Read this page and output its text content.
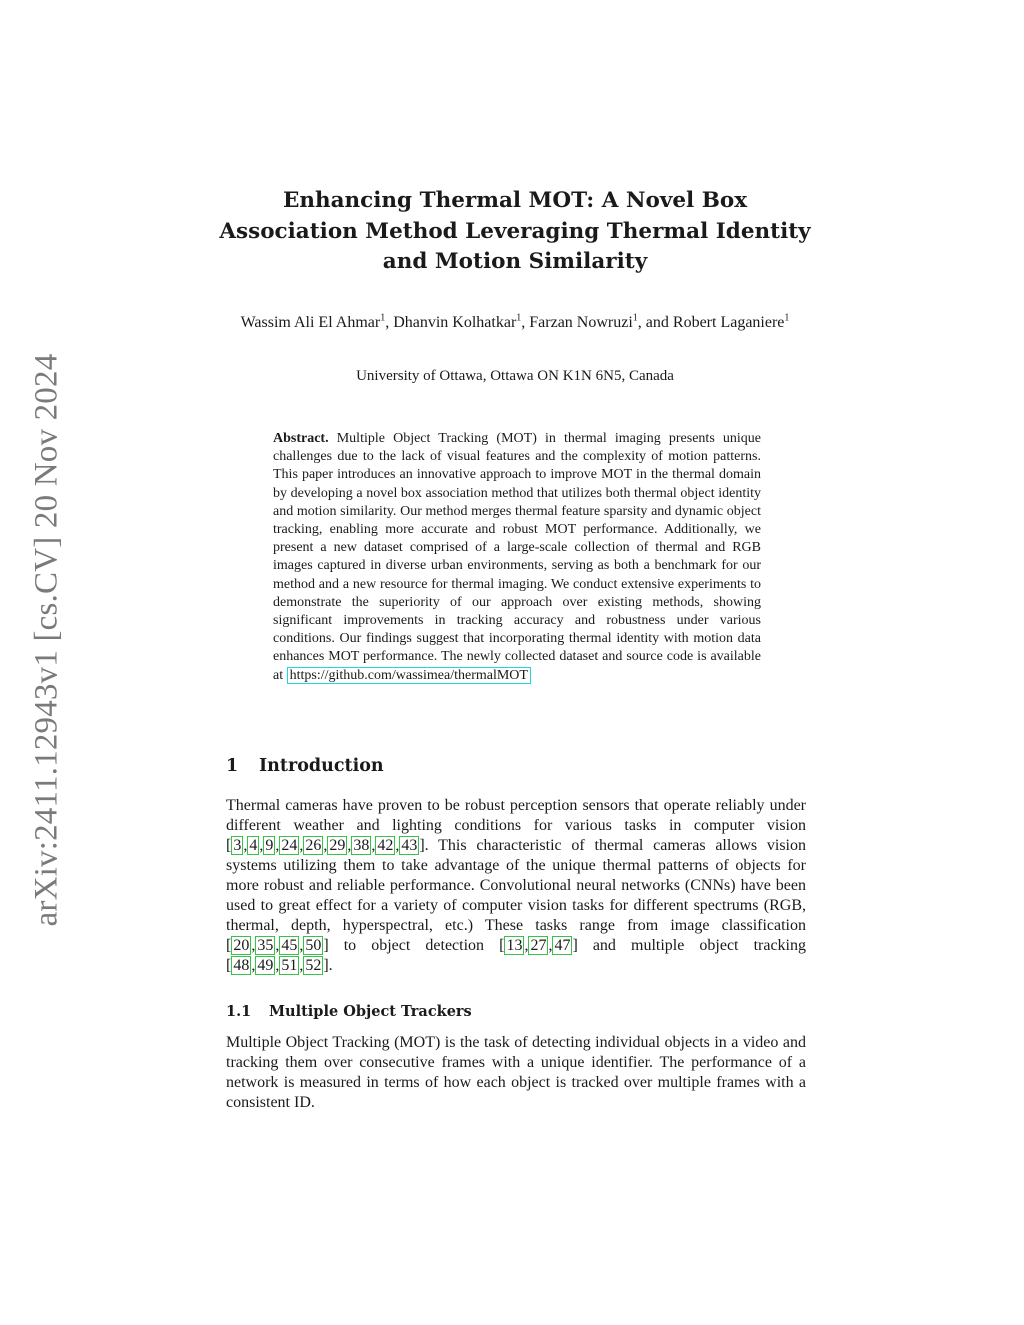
arXiv:2411.12943v1 [cs.CV] 20 Nov 2024
Enhancing Thermal MOT: A Novel Box
Association Method Leveraging Thermal Identity
and Motion Similarity
Wassim Ali El Ahmar$^1$, Dhanvin Kolhatkar$^1$, Farzan Nowruzi$^1$, and Robert Laganiere$^1$
University of Ottawa, Ottawa ON K1N 6N5, Canada
Abstract. Multiple Object Tracking (MOT) in thermal imaging presents unique challenges due to the lack of visual features and the complexity of motion patterns. This paper introduces an innovative approach to improve MOT in the thermal domain by developing a novel box association method that utilizes both thermal object identity and motion similarity. Our method merges thermal feature sparsity and dynamic object tracking, enabling more accurate and robust MOT performance. Additionally, we present a new dataset comprised of a large-scale collection of thermal and RGB images captured in diverse urban environments, serving as both a benchmark for our method and a new resource for thermal imaging. We conduct extensive experiments to demonstrate the superiority of our approach over existing methods, showing significant improvements in tracking accuracy and robustness under various conditions. Our findings suggest that incorporating thermal identity with motion data enhances MOT performance. The newly collected dataset and source code is available at https://github.com/wassimea/thermalMOT
1 Introduction
Thermal cameras have proven to be robust perception sensors that operate reliably under different weather and lighting conditions for various tasks in computer vision [ 3 , 4 , 9 , 24 , 26 , 29 , 38 , 42 , 43 ]. This characteristic of thermal cameras allows vision systems utilizing them to take advantage of the unique thermal patterns of objects for more robust and reliable performance. Convolutional neural networks (CNNs) have been used to great effect for a variety of computer vision tasks for different spectrums (RGB, thermal, depth, hyperspectral, etc.) These tasks range from image classification [ 20 , 35 , 45 , 50 ] to object detection [ 13 , 27 , 47 ] and multiple object tracking [ 48 , 49 , 51 , 52 ].
1.1 Multiple Object Trackers
Multiple Object Tracking (MOT) is the task of detecting individual objects in a video and tracking them over consecutive frames with a unique identifier. The performance of a network is measured in terms of how each object is tracked over multiple frames with a consistent ID.
